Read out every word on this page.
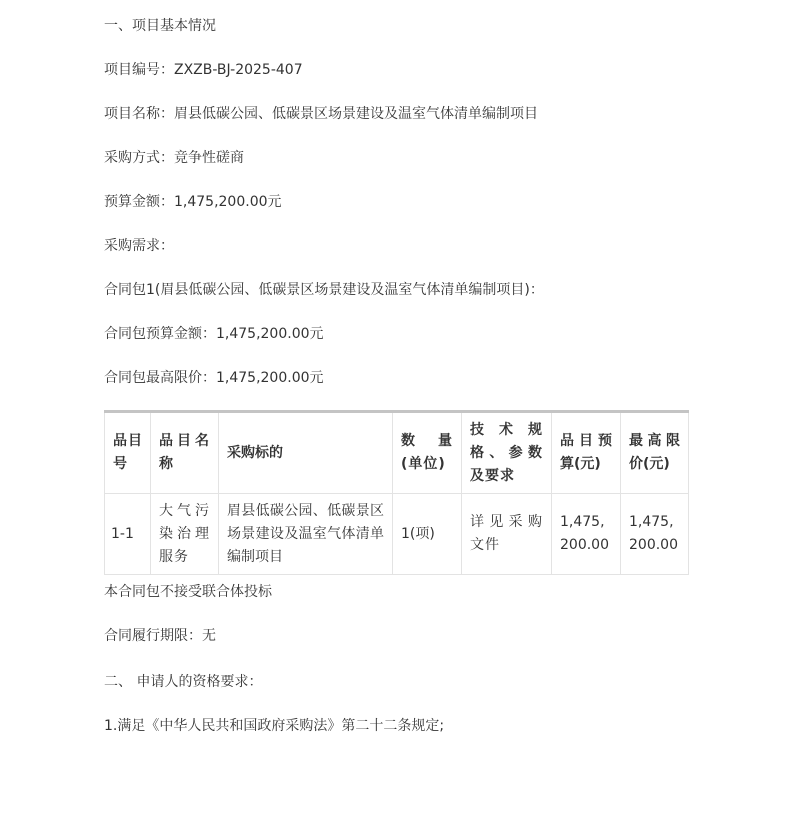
一、项目基本情况
项目编号：ZXZB-BJ-2025-407
项目名称：眉县低碳公园、低碳景区场景建设及温室气体清单编制项目
采购方式：竞争性磋商
预算金额：1,475,200.00元
采购需求：
合同包1(眉县低碳公园、低碳景区场景建设及温室气体清单编制项目)：
合同包预算金额：1,475,200.00元
合同包最高限价：1,475,200.00元
品目号	品目名称	采购标的	数量(单位)	技术规格、参数及要求	品目预算(元)	最高限价(元)
1-1	大气污染治理服务	眉县低碳公园、低碳景区场景建设及温室气体清单编制项目	1(项)	详见采购文件	1,475,200.00	1,475,200.00
本合同包不接受联合体投标
合同履行期限：无
二、 申请人的资格要求：
1.满足《中华人民共和国政府采购法》第二十二条规定;
